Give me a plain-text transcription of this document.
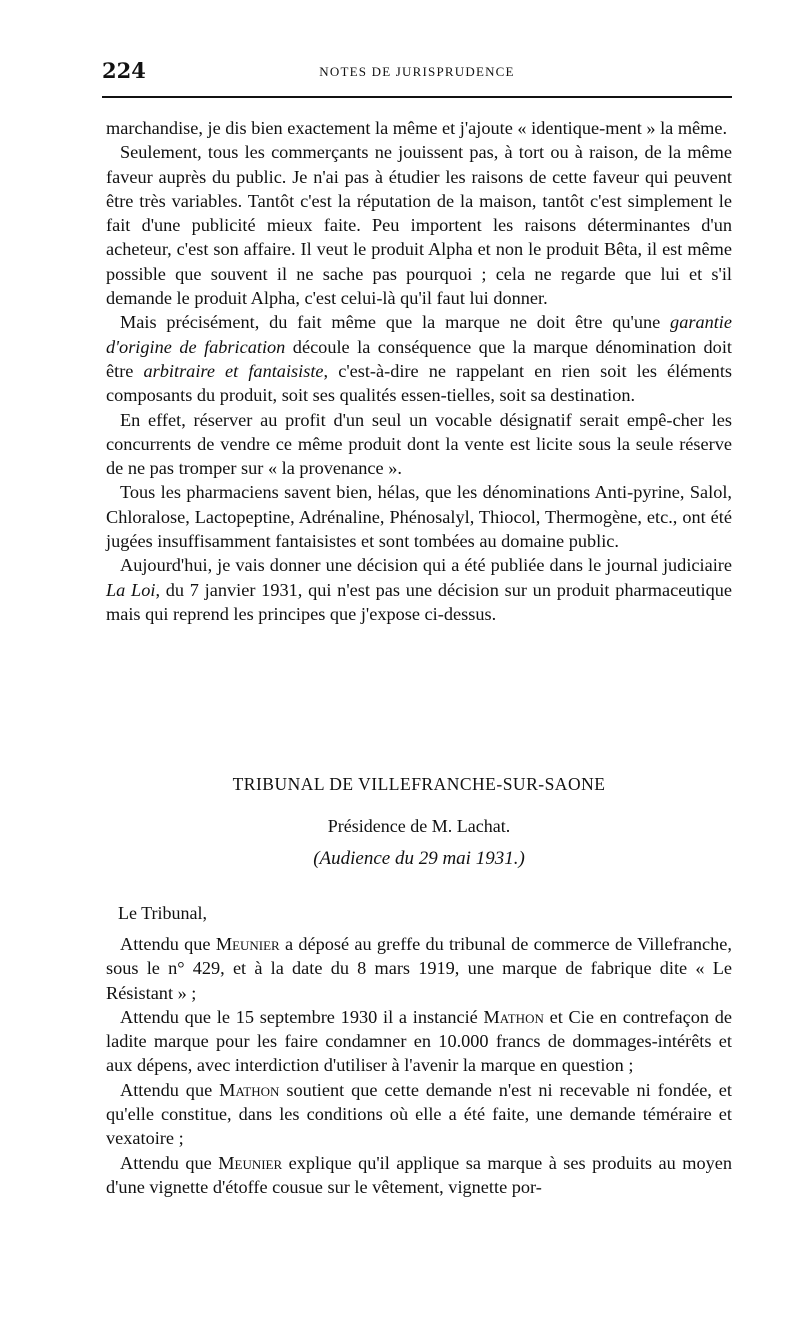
224	NOTES DE JURISPRUDENCE

marchandise, je dis bien exactement la même et j'ajoute « identique-ment » la même.

Seulement, tous les commerçants ne jouissent pas, à tort ou à raison, de la même faveur auprès du public. Je n'ai pas à étudier les raisons de cette faveur qui peuvent être très variables. Tantôt c'est la réputation de la maison, tantôt c'est simplement le fait d'une publicité mieux faite. Peu importent les raisons déterminantes d'un acheteur, c'est son affaire. Il veut le produit Alpha et non le produit Bêta, il est même possible que souvent il ne sache pas pourquoi ; cela ne regarde que lui et s'il demande le produit Alpha, c'est celui-là qu'il faut lui donner.

Mais précisément, du fait même que la marque ne doit être qu'une garantie d'origine de fabrication découle la conséquence que la marque dénomination doit être arbitraire et fantaisiste, c'est-à-dire ne rappelant en rien soit les éléments composants du produit, soit ses qualités essen-tielles, soit sa destination.

En effet, réserver au profit d'un seul un vocable désignatif serait empê-cher les concurrents de vendre ce même produit dont la vente est licite sous la seule réserve de ne pas tromper sur « la provenance ».

Tous les pharmaciens savent bien, hélas, que les dénominations Anti-pyrine, Salol, Chloralose, Lactopeptine, Adrénaline, Phénosalyl, Thiocol, Thermogène, etc., ont été jugées insuffisamment fantaisistes et sont tombées au domaine public.

Aujourd'hui, je vais donner une décision qui a été publiée dans le journal judiciaire La Loi, du 7 janvier 1931, qui n'est pas une décision sur un produit pharmaceutique mais qui reprend les principes que j'expose ci-dessus.

TRIBUNAL DE VILLEFRANCHE-SUR-SAONE
Présidence de M. Lachat.
(Audience du 29 mai 1931.)
Le Tribunal,

Attendu que Meunier a déposé au greffe du tribunal de commerce de Villefranche, sous le n° 429, et à la date du 8 mars 1919, une marque de fabrique dite « Le Résistant » ;

Attendu que le 15 septembre 1930 il a instancié Mathon et Cie en contrefaçon de ladite marque pour les faire condamner en 10.000 francs de dommages-intérêts et aux dépens, avec interdiction d'utiliser à l'avenir la marque en question ;

Attendu que Mathon soutient que cette demande n'est ni recevable ni fondée, et qu'elle constitue, dans les conditions où elle a été faite, une demande téméraire et vexatoire ;

Attendu que Meunier explique qu'il applique sa marque à ses produits au moyen d'une vignette d'étoffe cousue sur le vêtement, vignette por-
